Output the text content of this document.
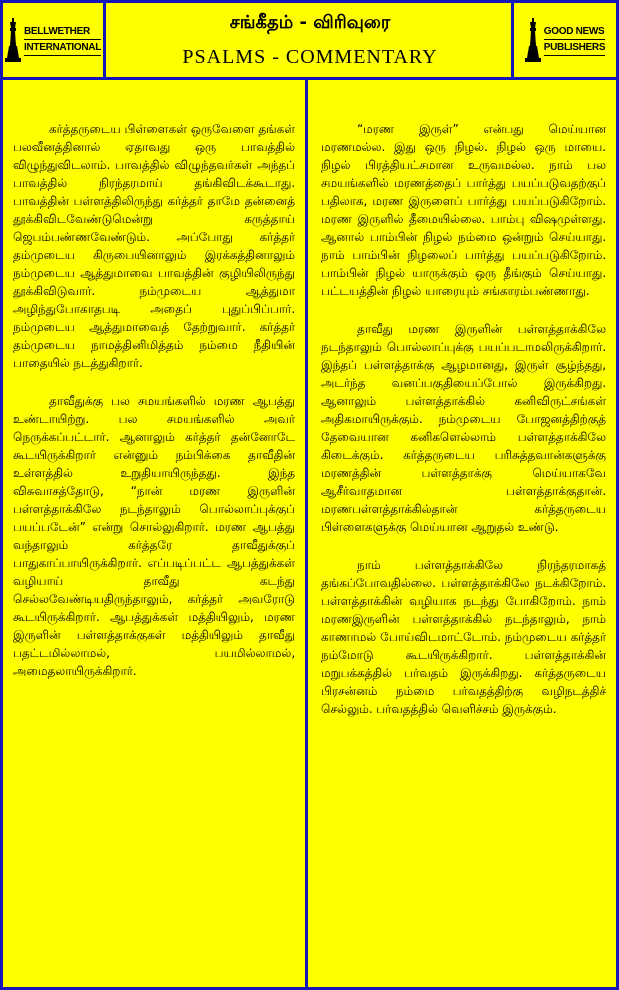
BELLWETHER
INTERNATIONAL
சங்கீதம் - விரிவுரை
PSALMS - COMMENTARY
GOOD NEWS
PUBLISHERS

கர்த்தருடைய பிள்ளைகள் ஒருவேளை தங்கள் பலவீனத்தினால் ஏதாவது ஒரு பாவத்தில் விழுந்துவிடலாம். பாவத்தில் விழுந்தவர்கள் அந்தப் பாவத்தில் நிரந்தரமாய் தங்கிவிடக்கூடாது. பாவத்தின் பள்ளத்திலிருந்து கர்த்தர் தாமே தன்னைத் தூக்கிவிடவேண்டுமென்று கருத்தாய் ஜெபம்பண்ணவேண்டும். அப்போது கர்த்தர் தம்முடைய கிருபையினாலும் இரக்கத்தினாலும் நம்முடைய ஆத்துமாவை பாவத்தின் குழியிலிருந்து தூக்கிவிடுவார். நம்முடைய ஆத்துமா அழிந்துபோகாதபடி அதைப் புதுப்பிப்பார். நம்முடைய ஆத்துமாவைத் தேற்றுவார். கர்த்தர் தம்முடைய நாமத்தினிமித்தம் நம்மை நீதியின் பாதையில் நடத்துகிறார்.

தாவீதுக்கு பல சமயங்களில் மரண ஆபத்து உண்டாயிற்று. பல சமயங்களில் அவர் நெருக்கப்பட்டார். ஆனாலும் கர்த்தர் தன்னோடே கூடயிருக்கிறார் என்னும் நம்பிக்கை தாவீதின் உள்ளத்தில் உறுதியாயிருந்தது. இந்த விசுவாசத்தோடு, “நான் மரண இருளின் பள்ளத்தாக்கிலே நடந்தாலும் பொல்லாப்புக்குப் பயப்படேன்” என்று சொல்லுகிறார். மரண ஆபத்து வந்தாலும் கர்த்தரே தாவீதுக்குப் பாதுகாப்பாயிருக்கிறார். எப்படிப்பட்ட ஆபத்துக்கள் வழியாய் தாவீது கடந்து செல்லவேண்டியதிருந்தாலும், கர்த்தர் அவரோடு கூடயிருக்கிறார். ஆபத்துக்கள் மத்தியிலும், மரண இருளின் பள்ளத்தாக்குகள் மத்தியிலும் தாவீது பதட்டமில்லாமல், பயமில்லாமல், அமைதலாயிருக்கிறார்.

“மரண இருள்” என்பது மெய்யான மரணமல்ல. இது ஒரு நிழல். நிழல் ஒரு மாயை. நிழல் பிரத்தியட்சமான உருவமல்ல. நாம் பல சமயங்களில் மரணத்தைப் பார்த்து பயப்படுவதற்குப் பதிலாக, மரண இருளைப் பார்த்து பயப்படுகிறோம். மரண இருளில் தீமையில்லை. பாம்பு விஷமுள்ளது. ஆனால் பாம்பின் நிழல் நம்மை ஒன்றும் செய்யாது. நாம் பாம்பின் நிழலைப் பார்த்து பயப்படுகிறோம். பாம்பின் நிழல் யாருக்கும் ஒரு தீங்கும் செய்யாது. பட்டயத்தின் நிழல் யாரையும் சங்காரம்பண்ணாது.

தாவீது மரண இருளின் பள்ளத்தாக்கிலே நடந்தாலும் பொல்லாப்புக்கு பயப்படாமலிருக்கிறார். இந்தப் பள்ளத்தாக்கு ஆழமானது, இருள் சூழ்ந்தது, அடர்ந்த வனப்பகுதியைப்போல் இருக்கிறது. ஆனாலும் பள்ளத்தாக்கில் கனிவிருட்சங்கள் அதிகமாயிருக்கும். நம்முடைய போஜனத்திற்குத் தேவையான கனிகளெல்லாம் பள்ளத்தாக்கிலே கிடைக்கும். கர்த்தருடைய பரிசுத்தவான்களுக்கு மரணத்தின் பள்ளத்தாக்கு மெய்யாகவே ஆசீர்வாதமான பள்ளத்தாக்குதான். மரணபள்ளத்தாக்கில்தான் கர்த்தருடைய பிள்ளைகளுக்கு மெய்யான ஆறுதல் உண்டு.

நாம் பள்ளத்தாக்கிலே நிரந்தரமாகத் தங்கப்போவதில்லை. பள்ளத்தாக்கிலே நடக்கிறோம். பள்ளத்தாக்கின் வழியாக நடந்து போகிறோம். நாம் மரணஇருளின் பள்ளத்தாக்கில் நடந்தாலும், நாம் காணாமல் போய்விடமாட்டோம். நம்முடைய கர்த்தர் நம்மோடு கூடயிருக்கிறார். பள்ளத்தாக்கின் மறுபக்கத்தில் பர்வதம் இருக்கிறது. கர்த்தருடைய பிரசன்னம் நம்மை பர்வதத்திற்கு வழிநடத்திச் செல்லும். பர்வதத்தில் வெளிச்சம் இருக்கும்.
